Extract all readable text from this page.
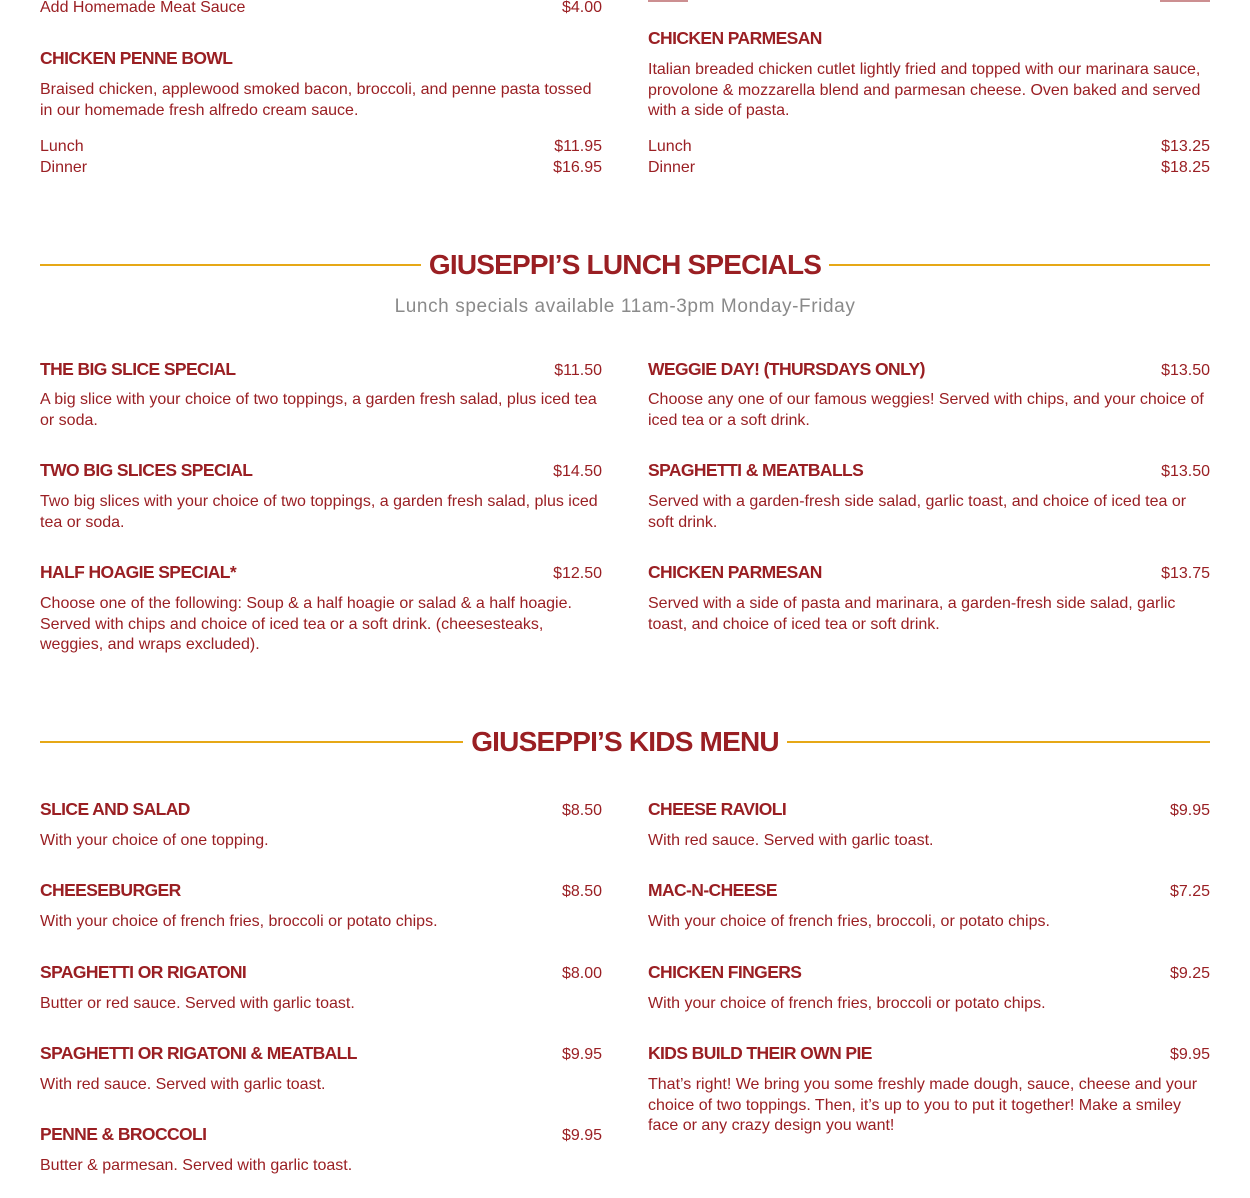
Add Homemade Meat Sauce	$4.00
CHICKEN PENNE BOWL
Braised chicken, applewood smoked bacon, broccoli, and penne pasta tossed in our homemade fresh alfredo cream sauce.
Lunch	$11.95
Dinner	$16.95
CHICKEN PARMESAN
Italian breaded chicken cutlet lightly fried and topped with our marinara sauce, provolone & mozzarella blend and parmesan cheese. Oven baked and served with a side of pasta.
Lunch	$13.25
Dinner	$18.25
GIUSEPPI’S LUNCH SPECIALS
Lunch specials available 11am-3pm Monday-Friday
THE BIG SLICE SPECIAL	$11.50
A big slice with your choice of two toppings, a garden fresh salad, plus iced tea or soda.
TWO BIG SLICES SPECIAL	$14.50
Two big slices with your choice of two toppings, a garden fresh salad, plus iced tea or soda.
HALF HOAGIE SPECIAL*	$12.50
Choose one of the following: Soup & a half hoagie or salad & a half hoagie. Served with chips and choice of iced tea or a soft drink. (cheesesteaks, weggies, and wraps excluded).
WEGGIE DAY! (THURSDAYS ONLY)	$13.50
Choose any one of our famous weggies! Served with chips, and your choice of iced tea or a soft drink.
SPAGHETTI & MEATBALLS	$13.50
Served with a garden-fresh side salad, garlic toast, and choice of iced tea or soft drink.
CHICKEN PARMESAN	$13.75
Served with a side of pasta and marinara, a garden-fresh side salad, garlic toast, and choice of iced tea or soft drink.
GIUSEPPI’S KIDS MENU
SLICE AND SALAD	$8.50
With your choice of one topping.
CHEESEBURGER	$8.50
With your choice of french fries, broccoli or potato chips.
SPAGHETTI OR RIGATONI	$8.00
Butter or red sauce. Served with garlic toast.
SPAGHETTI OR RIGATONI & MEATBALL	$9.95
With red sauce. Served with garlic toast.
PENNE & BROCCOLI	$9.95
Butter & parmesan. Served with garlic toast.
CHEESE RAVIOLI	$9.95
With red sauce. Served with garlic toast.
MAC-N-CHEESE	$7.25
With your choice of french fries, broccoli, or potato chips.
CHICKEN FINGERS	$9.25
With your choice of french fries, broccoli or potato chips.
KIDS BUILD THEIR OWN PIE	$9.95
That’s right! We bring you some freshly made dough, sauce, cheese and your choice of two toppings. Then, it’s up to you to put it together! Make a smiley face or any crazy design you want!
